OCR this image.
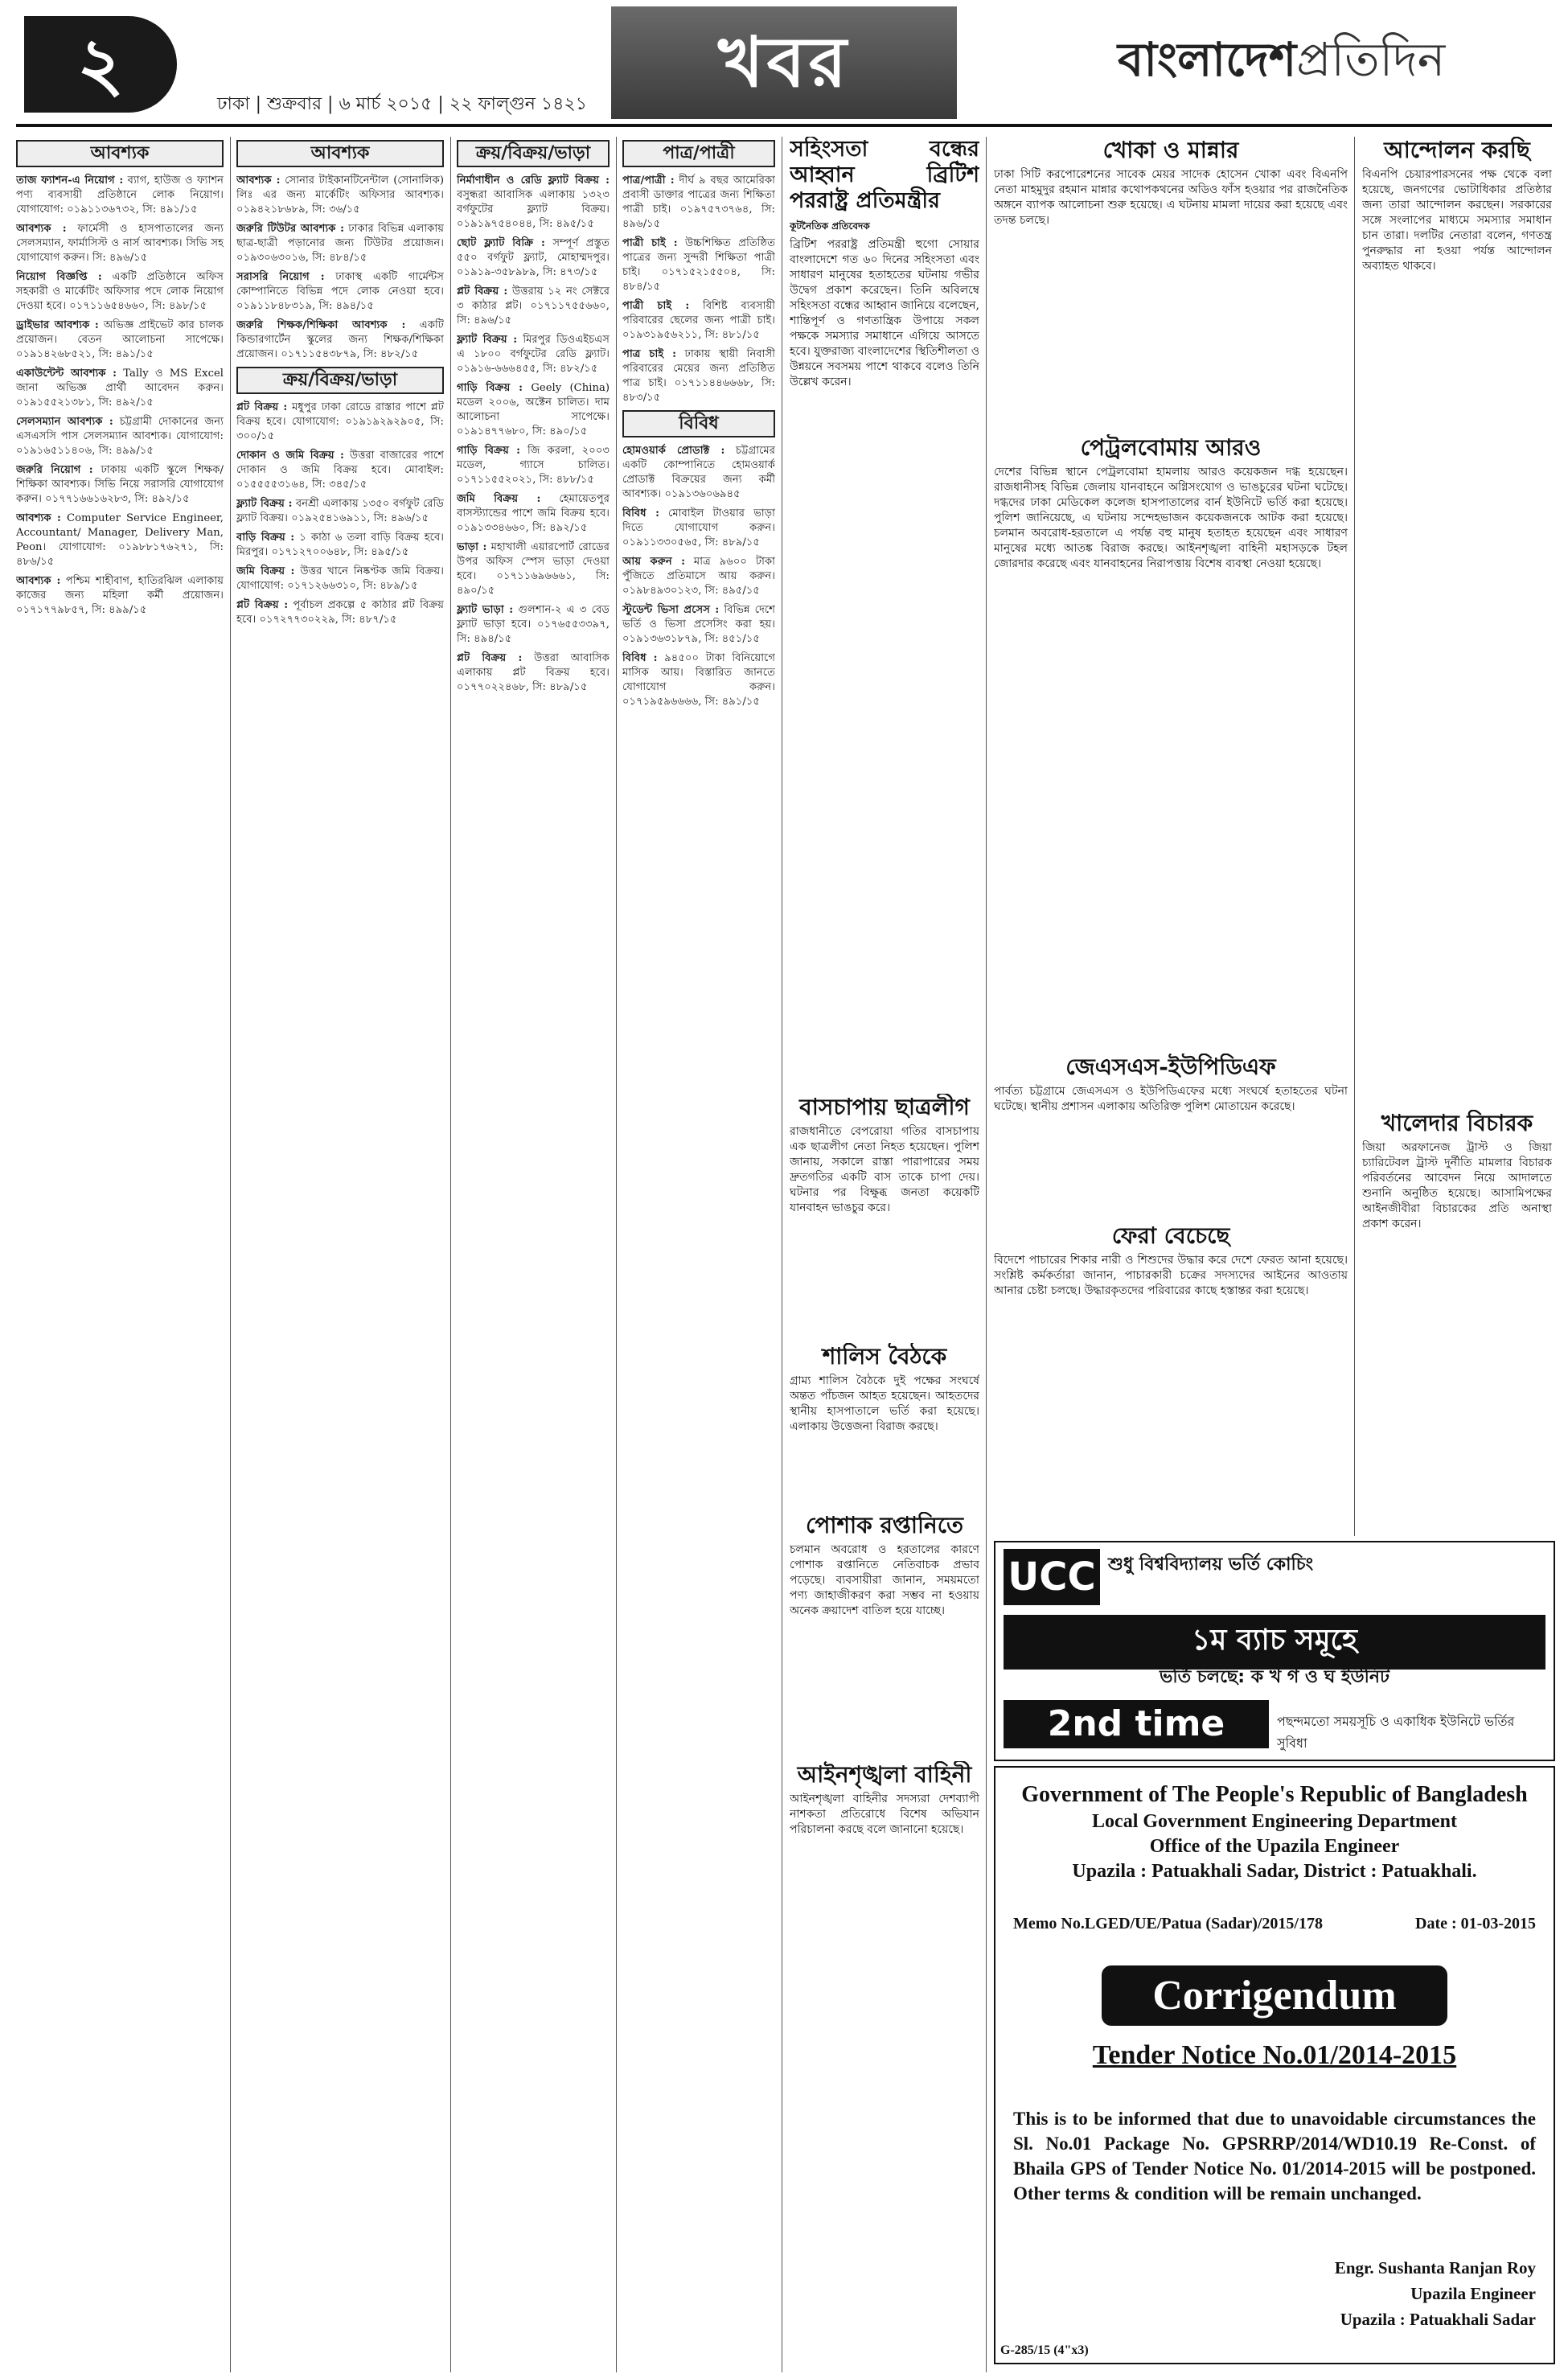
২	ঢাকা | শুক্রবার | ৬ মার্চ ২০১৫ | ২২ ফাল্গুন ১৪২১
খবর	বাংলাদেশপ্রতিদিন
আবশ্যক
তাজ ফ্যাশন-এ নিয়োগ : ব্যাগ, হাউজ ও ফ্যাশন পণ্য ব্যবসায়ী প্রতিষ্ঠানে লোক নিয়োগ। যোগাযোগ: ০১৯১১৩৬৭৩২, সি: ৪৯১/১৫
আবশ্যক : ফার্মেসী ও হাসপাতালের জন্য সেলসম্যান, ফার্মাসিস্ট ও নার্স আবশ্যক। সিভি সহ যোগাযোগ করুন। সি: ৪৯৬/১৫
নিয়োগ বিজ্ঞপ্তি : একটি প্রতিষ্ঠানে অফিস সহকারী ও মার্কেটিং অফিসার পদে লোক নিয়োগ দেওয়া হবে। ০১৭১১৬৫৪৬৬০, সি: ৪৯৮/১৫
ড্রাইভার আবশ্যক : অভিজ্ঞ প্রাইভেট কার চালক প্রয়োজন। বেতন আলোচনা সাপেক্ষে। ০১৯১৪২৬৮৫২১, সি: ৪৯১/১৫
একাউন্টেন্ট আবশ্যক : Tally ও MS Excel জানা অভিজ্ঞ প্রার্থী আবেদন করুন। ০১৯১৫৫২১৩৮১, সি: ৪৯২/১৫
সেলসম্যান আবশ্যক : চট্টগ্রামী দোকানের জন্য এসএসসি পাস সেলসম্যান আবশ্যক। যোগাযোগ: ০১৯১৬৫১১৪০৬, সি: ৪৯৯/১৫
জরুরি নিয়োগ : ঢাকায় একটি স্কুলে শিক্ষক/শিক্ষিকা আবশ্যক। সিভি নিয়ে সরাসরি যোগাযোগ করুন। ০১৭৭১৬৬১৬২৮৩, সি: ৪৯২/১৫
আবশ্যক : Computer Service Engineer, Accountant/ Manager, Delivery Man, Peon। যোগাযোগ: ০১৯৮৮১৭৬২৭১, সি: ৪৮৬/১৫
আবশ্যক : পশ্চিম শাহীবাগ, হাতিরঝিল এলাকায় কাজের জন্য মহিলা কর্মী প্রয়োজন। ০১৭১৭৭৯৮৫৭, সি: ৪৯৯/১৫
আবশ্যক
আবশ্যক : সোনার টাইকানটিনেন্টাল (সোনালিক) লিঃ এর জন্য মার্কেটিং অফিসার আবশ্যক। ০১৯৪২১৮৬৮৯, সি: ৩৬/১৫
জরুরি টিউটর আবশ্যক : ঢাকার বিভিন্ন এলাকায় ছাত্র-ছাত্রী পড়ানোর জন্য টিউটর প্রয়োজন। ০১৯৩০৬৩০১৬, সি: ৪৮৪/১৫
সরাসরি নিয়োগ : ঢাকাস্থ একটি গার্মেন্টস কোম্পানিতে বিভিন্ন পদে লোক নেওয়া হবে। ০১৯১১৮৪৮৩১৯, সি: ৪৯৪/১৫
জরুরি শিক্ষক/শিক্ষিকা আবশ্যক : একটি কিন্ডারগার্টেন স্কুলের জন্য শিক্ষক/শিক্ষিকা প্রয়োজন। ০১৭১১৫৪৩৮৭৯, সি: ৪৮২/১৫
ক্রয়/বিক্রয়/ভাড়া
প্লট বিক্রয় : মধুপুর ঢাকা রোডে রাস্তার পাশে প্লট বিক্রয় হবে। যোগাযোগ: ০১৯১৯২৯২৯০৫, সি: ৩০০/১৫
দোকান ও জমি বিক্রয় : উত্তরা বাজারের পাশে দোকান ও জমি বিক্রয় হবে। মোবাইল: ০১৫৫৫৫৩১৬৪, সি: ৩৪৫/১৫
ফ্ল্যাট বিক্রয় : বনশ্রী এলাকায় ১৩৫০ বর্গফুট রেডি ফ্ল্যাট বিক্রয়। ০১৯২৫৪১৬৯১১, সি: ৪৯৬/১৫
বাড়ি বিক্রয় : ১ কাঠা ৬ তলা বাড়ি বিক্রয় হবে। মিরপুর। ০১৭১২৭০০৬৪৮, সি: ৪৯৫/১৫
জমি বিক্রয় : উত্তর খানে নিষ্কণ্টক জমি বিক্রয়। যোগাযোগ: ০১৭১২৬৬৩১০, সি: ৪৮৯/১৫
প্লট বিক্রয় : পূর্বাচল প্রকল্পে ৫ কাঠার প্লট বিক্রয় হবে। ০১৭২৭৭৩০২২৯, সি: ৪৮৭/১৫
ক্রয়/বিক্রয়/ভাড়া
নির্মাণাধীন ও রেডি ফ্ল্যাট বিক্রয় : বসুন্ধরা আবাসিক এলাকায় ১৩২৩ বর্গফুটের ফ্ল্যাট বিক্রয়। ০১৯১৯৭৫৪০৪৪, সি: ৪৯৫/১৫
ছোট ফ্ল্যাট বিক্রি : সম্পূর্ণ প্রস্তুত ৫৫০ বর্গফুট ফ্ল্যাট, মোহাম্মদপুর। ০১৯১৯-৩৫৮৯৮৯, সি: ৪৭৩/১৫
প্লট বিক্রয় : উত্তরায় ১২ নং সেক্টরে ৩ কাঠার প্লট। ০১৭১১৭৫৫৬৬০, সি: ৪৯৬/১৫
ফ্ল্যাট বিক্রয় : মিরপুর ডিওএইচএস এ ১৮০০ বর্গফুটের রেডি ফ্ল্যাট। ০১৯১৬-৬৬৬৪৫৫, সি: ৪৮২/১৫
গাড়ি বিক্রয় : Geely (China) মডেল ২০০৬, অক্টেন চালিত। দাম আলোচনা সাপেক্ষে। ০১৯১৪৭৭৬৮০, সি: ৪৯০/১৫
গাড়ি বিক্রয় : জি করলা, ২০০৩ মডেল, গ্যাসে চালিত। ০১৭১১৫৫২০২১, সি: ৪৮৮/১৫
জমি বিক্রয় : হেমায়েতপুর বাসস্ট্যান্ডের পাশে জমি বিক্রয় হবে। ০১৯১৩৩৪৬৬০, সি: ৪৯২/১৫
ভাড়া : মহাখালী এয়ারপোর্ট রোডের উপর অফিস স্পেস ভাড়া দেওয়া হবে। ০১৭১১৬৯৬৬৬১, সি: ৪৯০/১৫
ফ্ল্যাট ভাড়া : গুলশান-২ এ ৩ বেড ফ্ল্যাট ভাড়া হবে। ০১৭৬৫৫৩৩৯৭, সি: ৪৯৪/১৫
প্লট বিক্রয় : উত্তরা আবাসিক এলাকায় প্লট বিক্রয় হবে। ০১৭৭০২২৪৬৮, সি: ৪৮৯/১৫
পাত্র/পাত্রী
পাত্র/পাত্রী : দীর্ঘ ৯ বছর আমেরিকা প্রবাসী ডাক্তার পাত্রের জন্য শিক্ষিতা পাত্রী চাই। ০১৯৭৫৭৩৭৬৪, সি: ৪৯৬/১৫
পাত্রী চাই : উচ্চশিক্ষিত প্রতিষ্ঠিত পাত্রের জন্য সুন্দরী শিক্ষিতা পাত্রী চাই। ০১৭১৫২১৫৫০৪, সি: ৪৮৪/১৫
পাত্রী চাই : বিশিষ্ট ব্যবসায়ী পরিবারের ছেলের জন্য পাত্রী চাই। ০১৯৩১৯৫৬২১১, সি: ৪৮১/১৫
পাত্র চাই : ঢাকায় স্থায়ী নিবাসী পরিবারের মেয়ের জন্য প্রতিষ্ঠিত পাত্র চাই। ০১৭১১৪৪৬৬৬৮, সি: ৪৮৩/১৫
বিবিধ
হোমওয়ার্ক প্রোডাক্ট : চট্টগ্রামের একটি কোম্পানিতে হোমওয়ার্ক প্রোডাক্ট বিক্রয়ের জন্য কর্মী আবশ্যক। ০১৯১৩৬০৬৯৪৫
বিবিধ : মোবাইল টাওয়ার ভাড়া দিতে যোগাযোগ করুন। ০১৯১১৩৩০৫৬৫, সি: ৪৮৯/১৫
আয় করুন : মাত্র ৯৬০০ টাকা পুঁজিতে প্রতিমাসে আয় করুন। ০১৯৮৪৯৩০১২৩, সি: ৪৯৫/১৫
স্টুডেন্ট ভিসা প্রসেস : বিভিন্ন দেশে ভর্তি ও ভিসা প্রসেসিং করা হয়। ০১৯১৩৬৩১৮৭৯, সি: ৪৫১/১৫
বিবিধ : ৯৪৫০০ টাকা বিনিয়োগে মাসিক আয়। বিস্তারিত জানতে যোগাযোগ করুন। ০১৭১৯৫৯৬৬৬৬, সি: ৪৯১/১৫
সহিংসতা বন্ধের আহ্বান ব্রিটিশ পররাষ্ট্র প্রতিমন্ত্রীর
কূটনৈতিক প্রতিবেদক
ব্রিটিশ পররাষ্ট্র প্রতিমন্ত্রী হুগো সোয়ার বাংলাদেশে গত ৬০ দিনের সহিংসতা এবং সাধারণ মানুষের হতাহতের ঘটনায় গভীর উদ্বেগ প্রকাশ করেছেন। তিনি অবিলম্বে সহিংসতা বন্ধের আহ্বান জানিয়ে বলেছেন, শান্তিপূর্ণ ও গণতান্ত্রিক উপায়ে সকল পক্ষকে সমস্যার সমাধানে এগিয়ে আসতে হবে। যুক্তরাজ্য বাংলাদেশের স্থিতিশীলতা ও উন্নয়নে সবসময় পাশে থাকবে বলেও তিনি উল্লেখ করেন।
বাসচাপায় ছাত্রলীগ
রাজধানীতে বেপরোয়া গতির বাসচাপায় এক ছাত্রলীগ নেতা নিহত হয়েছেন। পুলিশ জানায়, সকালে রাস্তা পারাপারের সময় দ্রুতগতির একটি বাস তাকে চাপা দেয়। ঘটনার পর বিক্ষুব্ধ জনতা কয়েকটি যানবাহন ভাঙচুর করে।
শালিস বৈঠকে
গ্রাম্য শালিস বৈঠকে দুই পক্ষের সংঘর্ষে অন্তত পাঁচজন আহত হয়েছেন। আহতদের স্থানীয় হাসপাতালে ভর্তি করা হয়েছে। এলাকায় উত্তেজনা বিরাজ করছে।
পোশাক রপ্তানিতে
চলমান অবরোধ ও হরতালের কারণে পোশাক রপ্তানিতে নেতিবাচক প্রভাব পড়েছে। ব্যবসায়ীরা জানান, সময়মতো পণ্য জাহাজীকরণ করা সম্ভব না হওয়ায় অনেক ক্রয়াদেশ বাতিল হয়ে যাচ্ছে।
আইনশৃঙ্খলা বাহিনী
আইনশৃঙ্খলা বাহিনীর সদস্যরা দেশব্যাপী নাশকতা প্রতিরোধে বিশেষ অভিযান পরিচালনা করছে বলে জানানো হয়েছে।
খোকা ও মান্নার
ঢাকা সিটি করপোরেশনের সাবেক মেয়র সাদেক হোসেন খোকা এবং বিএনপি নেতা মাহমুদুর রহমান মান্নার কথোপকথনের অডিও ফাঁস হওয়ার পর রাজনৈতিক অঙ্গনে ব্যাপক আলোচনা শুরু হয়েছে। এ ঘটনায় মামলা দায়ের করা হয়েছে এবং তদন্ত চলছে।
পেট্রলবোমায় আরও
দেশের বিভিন্ন স্থানে পেট্রলবোমা হামলায় আরও কয়েকজন দগ্ধ হয়েছেন। রাজধানীসহ বিভিন্ন জেলায় যানবাহনে অগ্নিসংযোগ ও ভাঙচুরের ঘটনা ঘটেছে। দগ্ধদের ঢাকা মেডিকেল কলেজ হাসপাতালের বার্ন ইউনিটে ভর্তি করা হয়েছে। পুলিশ জানিয়েছে, এ ঘটনায় সন্দেহভাজন কয়েকজনকে আটক করা হয়েছে। চলমান অবরোধ-হরতালে এ পর্যন্ত বহু মানুষ হতাহত হয়েছেন এবং সাধারণ মানুষের মধ্যে আতঙ্ক বিরাজ করছে। আইনশৃঙ্খলা বাহিনী মহাসড়কে টহল জোরদার করেছে এবং যানবাহনের নিরাপত্তায় বিশেষ ব্যবস্থা নেওয়া হয়েছে।
জেএসএস-ইউপিডিএফ
পার্বত্য চট্টগ্রামে জেএসএস ও ইউপিডিএফের মধ্যে সংঘর্ষে হতাহতের ঘটনা ঘটেছে। স্থানীয় প্রশাসন এলাকায় অতিরিক্ত পুলিশ মোতায়েন করেছে।
ফেরা বেচেছে
বিদেশে পাচারের শিকার নারী ও শিশুদের উদ্ধার করে দেশে ফেরত আনা হয়েছে। সংশ্লিষ্ট কর্মকর্তারা জানান, পাচারকারী চক্রের সদস্যদের আইনের আওতায় আনার চেষ্টা চলছে। উদ্ধারকৃতদের পরিবারের কাছে হস্তান্তর করা হয়েছে।
আন্দোলন করছি
বিএনপি চেয়ারপারসনের পক্ষ থেকে বলা হয়েছে, জনগণের ভোটাধিকার প্রতিষ্ঠার জন্য তারা আন্দোলন করছেন। সরকারের সঙ্গে সংলাপের মাধ্যমে সমস্যার সমাধান চান তারা। দলটির নেতারা বলেন, গণতন্ত্র পুনরুদ্ধার না হওয়া পর্যন্ত আন্দোলন অব্যাহত থাকবে।
খালেদার বিচারক
জিয়া অরফানেজ ট্রাস্ট ও জিয়া চ্যারিটেবল ট্রাস্ট দুর্নীতি মামলার বিচারক পরিবর্তনের আবেদন নিয়ে আদালতে শুনানি অনুষ্ঠিত হয়েছে। আসামিপক্ষের আইনজীবীরা বিচারকের প্রতি অনাস্থা প্রকাশ করেন।
UCC শুধু বিশ্ববিদ্যালয় ভর্তি কোচিং
১ম ব্যাচ সমূহে
ভর্তি চলছে: ক খ গ ও ঘ ইউনিট
2nd time	পছন্দমতো সময়সূচি ও একাধিক ইউনিটে ভর্তির সুবিধা
Government of The People's Republic of Bangladesh
Local Government Engineering Department
Office of the Upazila Engineer
Upazila : Patuakhali Sadar, District : Patuakhali.
Memo No.LGED/UE/Patua (Sadar)/2015/178	Date : 01-03-2015
Corrigendum
Tender Notice No.01/2014-2015
This is to be informed that due to unavoidable circumstances the Sl. No.01 Package No. GPSRRP/2014/WD10.19 Re-Const. of Bhaila GPS of Tender Notice No. 01/2014-2015 will be postponed. Other terms & condition will be remain unchanged.
Engr. Sushanta Ranjan Roy
Upazila Engineer
Upazila : Patuakhali Sadar
G-285/15 (4"x3)
